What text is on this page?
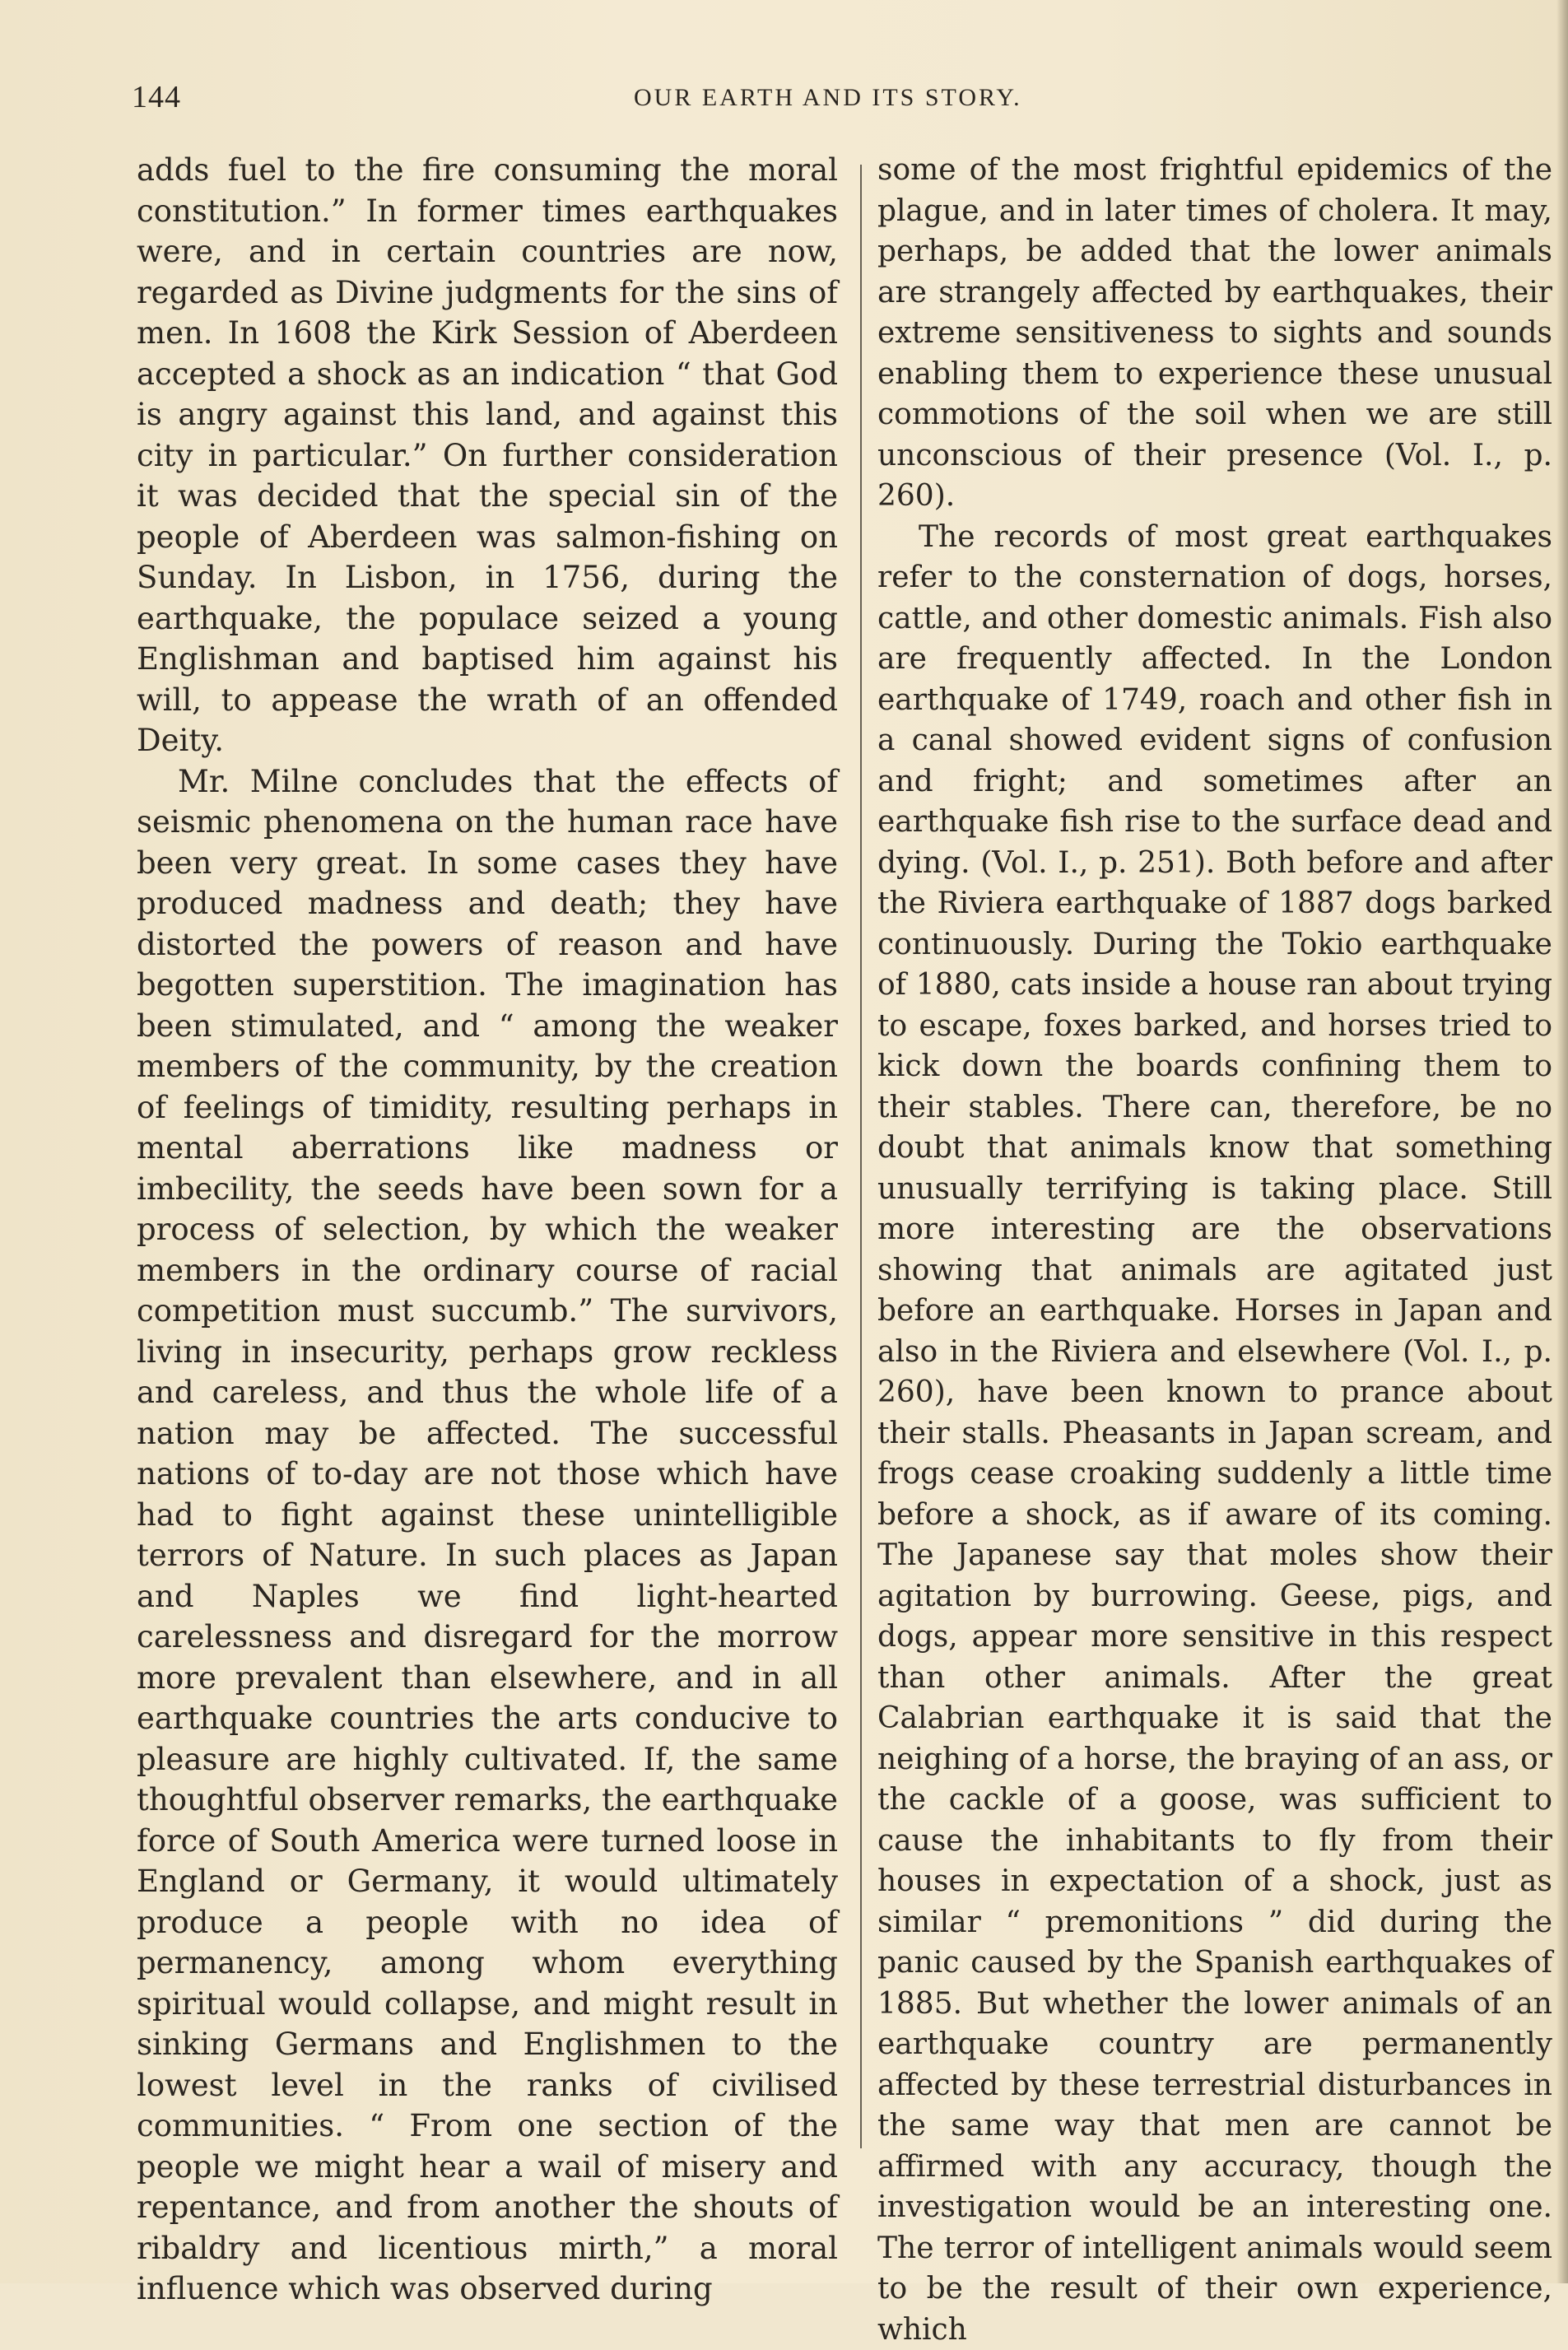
144	OUR EARTH AND ITS STORY.

adds fuel to the fire consuming the moral constitution.” In former times earthquakes were, and in certain countries are now, regarded as Divine judgments for the sins of men. In 1608 the Kirk Session of Aberdeen accepted a shock as an indication “ that God is angry against this land, and against this city in particular.” On further consideration it was decided that the special sin of the people of Aberdeen was salmon-fishing on Sunday. In Lisbon, in 1756, during the earthquake, the populace seized a young Englishman and baptised him against his will, to appease the wrath of an offended Deity.

Mr. Milne concludes that the effects of seismic phenomena on the human race have been very great. In some cases they have produced madness and death; they have distorted the powers of reason and have begotten superstition. The imagination has been stimulated, and “ among the weaker members of the community, by the creation of feelings of timidity, resulting perhaps in mental aberrations like madness or imbecility, the seeds have been sown for a process of selection, by which the weaker members in the ordinary course of racial competition must succumb.” The survivors, living in insecurity, perhaps grow reckless and careless, and thus the whole life of a nation may be affected. The successful nations of to-day are not those which have had to fight against these unintelligible terrors of Nature. In such places as Japan and Naples we find light-hearted carelessness and disregard for the morrow more prevalent than elsewhere, and in all earthquake countries the arts conducive to pleasure are highly cultivated. If, the same thoughtful observer remarks, the earthquake force of South America were turned loose in England or Germany, it would ultimately produce a people with no idea of permanency, among whom everything spiritual would collapse, and might result in sinking Germans and Englishmen to the lowest level in the ranks of civilised communities. “ From one section of the people we might hear a wail of misery and repentance, and from another the shouts of ribaldry and licentious mirth,” a moral influence which was observed during

some of the most frightful epidemics of the plague, and in later times of cholera. It may, perhaps, be added that the lower animals are strangely affected by earthquakes, their extreme sensitiveness to sights and sounds enabling them to experience these unusual commotions of the soil when we are still unconscious of their presence (Vol. I., p. 260).

The records of most great earthquakes refer to the consternation of dogs, horses, cattle, and other domestic animals. Fish also are frequently affected. In the London earthquake of 1749, roach and other fish in a canal showed evident signs of confusion and fright; and sometimes after an earthquake fish rise to the surface dead and dying. (Vol. I., p. 251). Both before and after the Riviera earthquake of 1887 dogs barked continuously. During the Tokio earthquake of 1880, cats inside a house ran about trying to escape, foxes barked, and horses tried to kick down the boards confining them to their stables. There can, therefore, be no doubt that animals know that something unusually terrifying is taking place. Still more interesting are the observations showing that animals are agitated just before an earthquake. Horses in Japan and also in the Riviera and elsewhere (Vol. I., p. 260), have been known to prance about their stalls. Pheasants in Japan scream, and frogs cease croaking suddenly a little time before a shock, as if aware of its coming. The Japanese say that moles show their agitation by burrowing. Geese, pigs, and dogs, appear more sensitive in this respect than other animals. After the great Calabrian earthquake it is said that the neighing of a horse, the braying of an ass, or the cackle of a goose, was sufficient to cause the inhabitants to fly from their houses in expectation of a shock, just as similar “ premonitions ” did during the panic caused by the Spanish earthquakes of 1885. But whether the lower animals of an earthquake country are permanently affected by these terrestrial disturbances in the same way that men are cannot be affirmed with any accuracy, though the investigation would be an interesting one. The terror of intelligent animals would seem to be the result of their own experience, which
